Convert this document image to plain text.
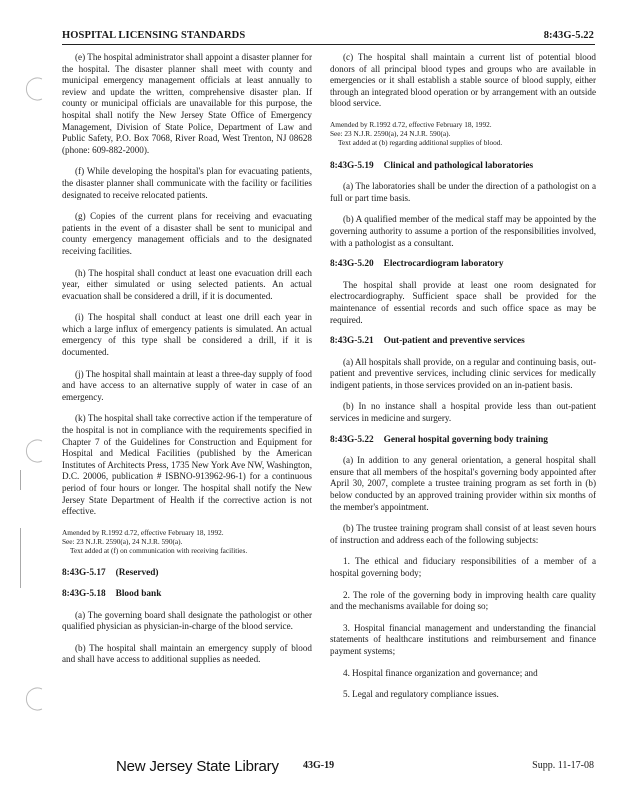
HOSPITAL LICENSING STANDARDS	8:43G-5.22

(e) The hospital administrator shall appoint a disaster planner for the hospital. The disaster planner shall meet with county and municipal emergency management officials at least annually to review and update the written, comprehensive disaster plan. If county or municipal officials are unavailable for this purpose, the hospital shall notify the New Jersey State Office of Emergency Management, Division of State Police, Department of Law and Public Safety, P.O. Box 7068, River Road, West Trenton, NJ 08628 (phone: 609-882-2000).

(f) While developing the hospital's plan for evacuating patients, the disaster planner shall communicate with the facility or facilities designated to receive relocated patients.

(g) Copies of the current plans for receiving and evacuating patients in the event of a disaster shall be sent to municipal and county emergency management officials and to the designated receiving facilities.

(h) The hospital shall conduct at least one evacuation drill each year, either simulated or using selected patients. An actual evacuation shall be considered a drill, if it is documented.

(i) The hospital shall conduct at least one drill each year in which a large influx of emergency patients is simulated. An actual emergency of this type shall be considered a drill, if it is documented.

(j) The hospital shall maintain at least a three-day supply of food and have access to an alternative supply of water in case of an emergency.

(k) The hospital shall take corrective action if the temperature of the hospital is not in compliance with the requirements specified in Chapter 7 of the Guidelines for Construction and Equipment for Hospital and Medical Facilities (published by the American Institutes of Architects Press, 1735 New York Ave NW, Washington, D.C. 20006, publication # ISBNO-913962-96-1) for a continuous period of four hours or longer. The hospital shall notify the New Jersey State Department of Health if the corrective action is not effective.

Amended by R.1992 d.72, effective February 18, 1992.
See: 23 N.J.R. 2590(a), 24 N.J.R. 590(a).
Text added at (f) on communication with receiving facilities.
8:43G-5.17 (Reserved)
8:43G-5.18 Blood bank

(a) The governing board shall designate the pathologist or other qualified physician as physician-in-charge of the blood service.

(b) The hospital shall maintain an emergency supply of blood and shall have access to additional supplies as needed.

(c) The hospital shall maintain a current list of potential blood donors of all principal blood types and groups who are available in emergencies or it shall establish a stable source of blood supply, either through an integrated blood operation or by arrangement with an outside blood service.

Amended by R.1992 d.72, effective February 18, 1992.
See: 23 N.J.R. 2590(a), 24 N.J.R. 590(a).
Text added at (b) regarding additional supplies of blood.
8:43G-5.19 Clinical and pathological laboratories

(a) The laboratories shall be under the direction of a pathologist on a full or part time basis.

(b) A qualified member of the medical staff may be appointed by the governing authority to assume a portion of the responsibilities involved, with a pathologist as a consultant.

8:43G-5.20 Electrocardiogram laboratory

The hospital shall provide at least one room designated for electrocardiography. Sufficient space shall be provided for the maintenance of essential records and such office space as may be required.

8:43G-5.21 Out-patient and preventive services

(a) All hospitals shall provide, on a regular and continuing basis, out-patient and preventive services, including clinic services for medically indigent patients, in those services provided on an in-patient basis.

(b) In no instance shall a hospital provide less than out-patient services in medicine and surgery.

8:43G-5.22 General hospital governing body training

(a) In addition to any general orientation, a general hospital shall ensure that all members of the hospital's governing body appointed after April 30, 2007, complete a trustee training program as set forth in (b) below conducted by an approved training provider within six months of the member's appointment.

(b) The trustee training program shall consist of at least seven hours of instruction and address each of the following subjects:

1. The ethical and fiduciary responsibilities of a member of a hospital governing body;
2. The role of the governing body in improving health care quality and the mechanisms available for doing so;
3. Hospital financial management and understanding the financial statements of healthcare institutions and reimbursement and finance payment systems;
4. Hospital finance organization and governance; and
5. Legal and regulatory compliance issues.
New Jersey State Library 43G-19	Supp. 11-17-08
